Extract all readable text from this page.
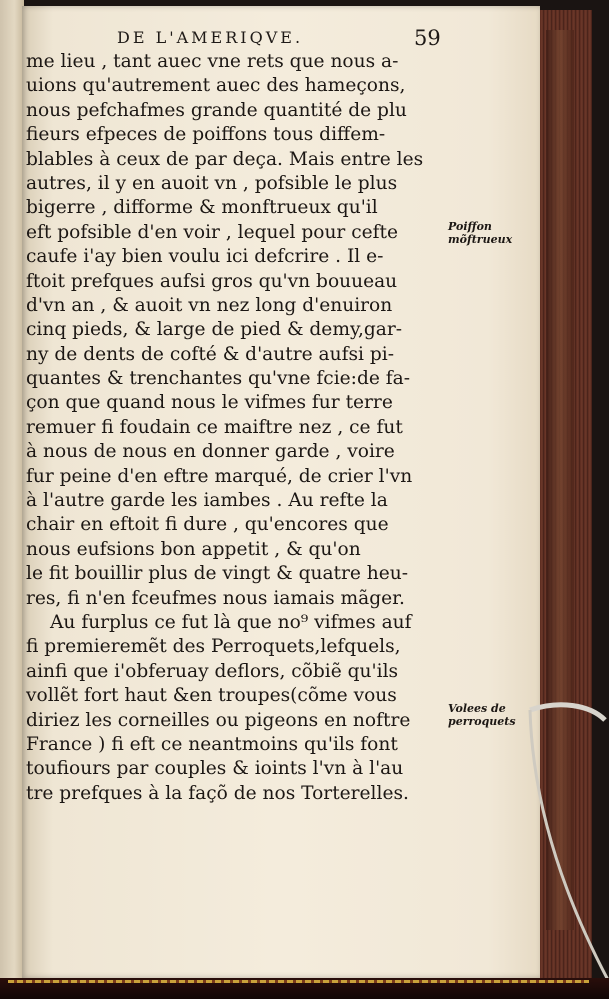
DE L'AMERIQVE.	59
me lieu , tant auec vne rets que nous a-
uions qu'autrement auec des hameçons,
nous pefchafmes grande quantité de plu
fieurs efpeces de poiffons tous diffem-
blables à ceux de par deça. Mais entre les
autres, il y en auoit vn , pofsible le plus
bigerre , difforme & monftrueux qu'il
eft pofsible d'en voir , lequel pour cefte
caufe i'ay bien voulu ici defcrire . Il e-
ftoit prefques aufsi gros qu'vn bouueau
d'vn an , & auoit vn nez long d'enuiron
cinq pieds, & large de pied & demy,gar-
ny de dents de cofté & d'autre aufsi pi-
quantes & trenchantes qu'vne fcie:de fa-
çon que quand nous le vifmes fur terre
remuer fi foudain ce maiftre nez , ce fut
à nous de nous en donner garde , voire
fur peine d'en eftre marqué, de crier l'vn
à l'autre garde les iambes . Au refte la
chair en eftoit fi dure , qu'encores que
nous eufsions bon appetit , & qu'on
le fit bouillir plus de vingt & quatre heu-
res, fi n'en fceufmes nous iamais mãger.
Au furplus ce fut là que no⁹ vifmes auf
fi premieremẽt des Perroquets,lefquels,
ainfi que i'obferuay deflors, cõbiẽ qu'ils
vollẽt fort haut &en troupes(cõme vous
diriez les corneilles ou pigeons en noftre
France ) fi eft ce neantmoins qu'ils font
toufiours par couples & ioints l'vn à l'au
tre prefques à la façõ de nos Torterelles.
Poiffon
mõftrueux
Volees de
perroquets
